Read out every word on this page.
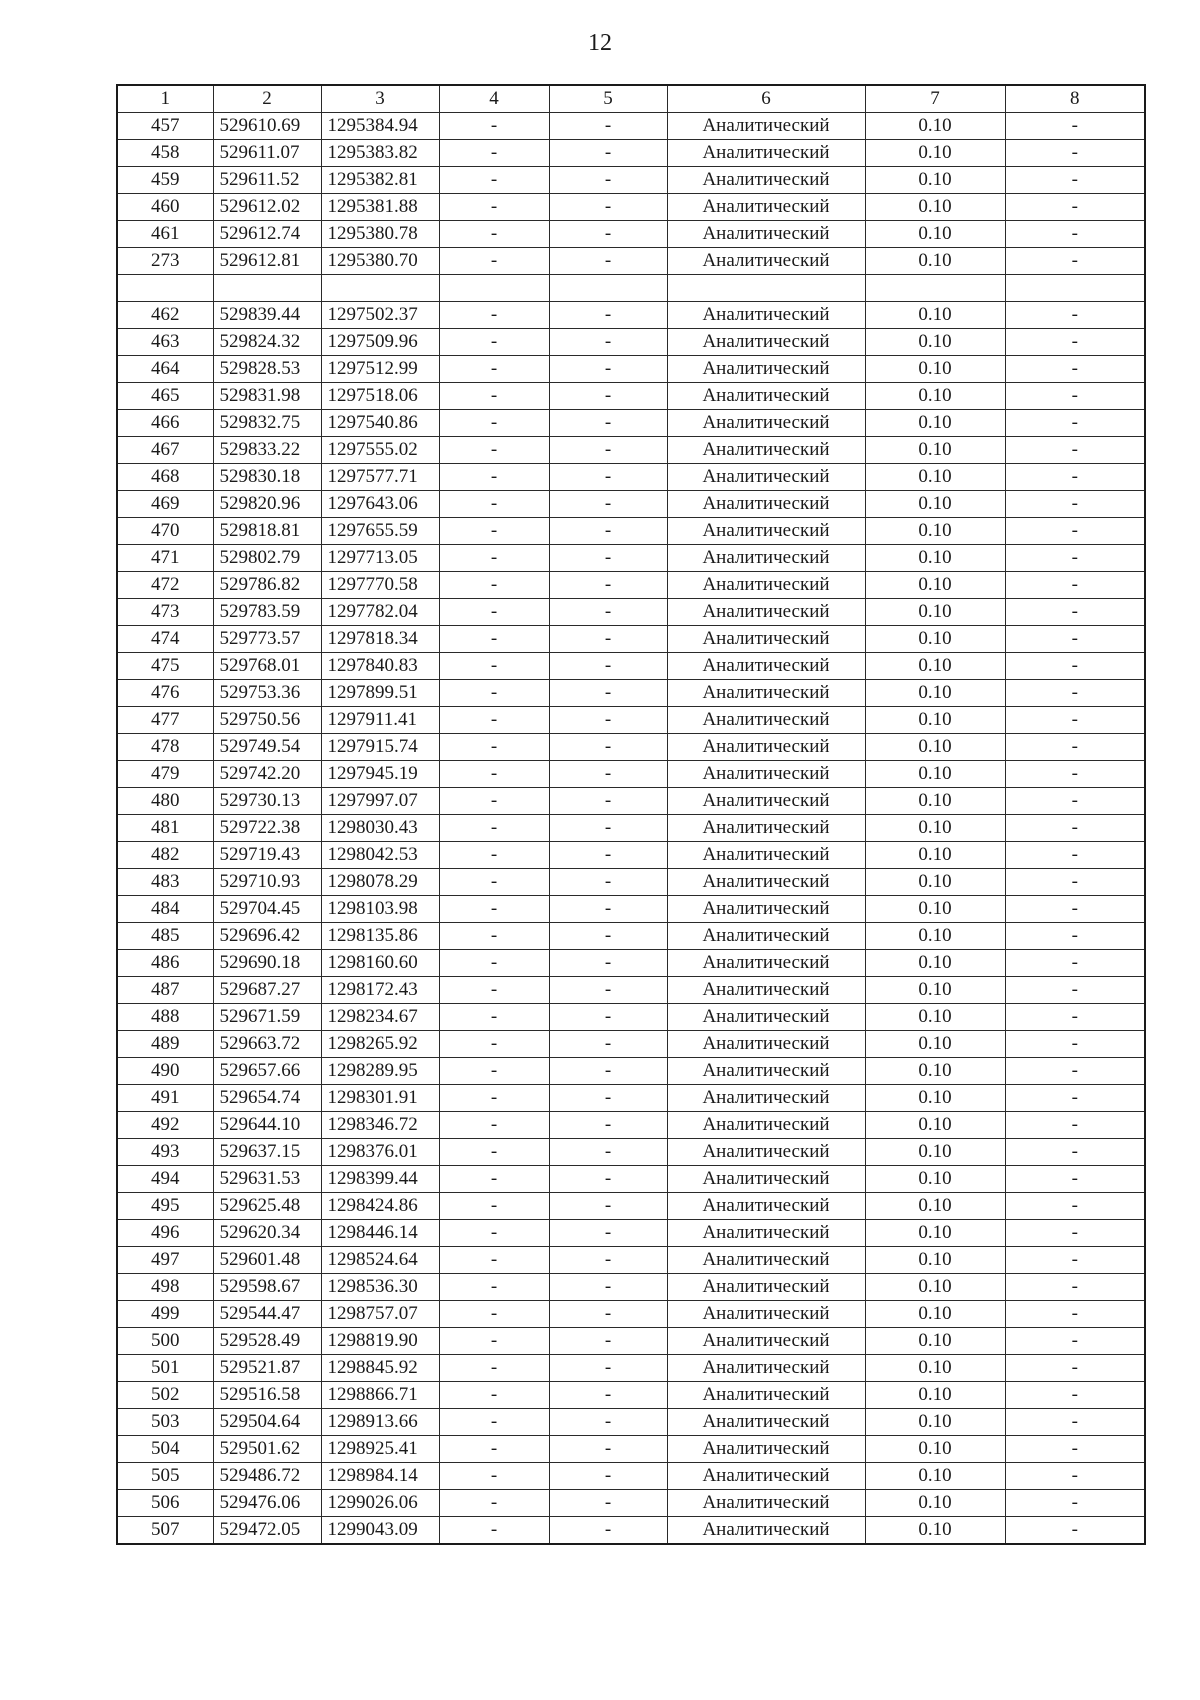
12
1	2	3	4	5	6	7	8
457	529610.69	1295384.94	-	-	Аналитический	0.10	-
458	529611.07	1295383.82	-	-	Аналитический	0.10	-
459	529611.52	1295382.81	-	-	Аналитический	0.10	-
460	529612.02	1295381.88	-	-	Аналитический	0.10	-
461	529612.74	1295380.78	-	-	Аналитический	0.10	-
273	529612.81	1295380.70	-	-	Аналитический	0.10	-

462	529839.44	1297502.37	-	-	Аналитический	0.10	-
463	529824.32	1297509.96	-	-	Аналитический	0.10	-
464	529828.53	1297512.99	-	-	Аналитический	0.10	-
465	529831.98	1297518.06	-	-	Аналитический	0.10	-
466	529832.75	1297540.86	-	-	Аналитический	0.10	-
467	529833.22	1297555.02	-	-	Аналитический	0.10	-
468	529830.18	1297577.71	-	-	Аналитический	0.10	-
469	529820.96	1297643.06	-	-	Аналитический	0.10	-
470	529818.81	1297655.59	-	-	Аналитический	0.10	-
471	529802.79	1297713.05	-	-	Аналитический	0.10	-
472	529786.82	1297770.58	-	-	Аналитический	0.10	-
473	529783.59	1297782.04	-	-	Аналитический	0.10	-
474	529773.57	1297818.34	-	-	Аналитический	0.10	-
475	529768.01	1297840.83	-	-	Аналитический	0.10	-
476	529753.36	1297899.51	-	-	Аналитический	0.10	-
477	529750.56	1297911.41	-	-	Аналитический	0.10	-
478	529749.54	1297915.74	-	-	Аналитический	0.10	-
479	529742.20	1297945.19	-	-	Аналитический	0.10	-
480	529730.13	1297997.07	-	-	Аналитический	0.10	-
481	529722.38	1298030.43	-	-	Аналитический	0.10	-
482	529719.43	1298042.53	-	-	Аналитический	0.10	-
483	529710.93	1298078.29	-	-	Аналитический	0.10	-
484	529704.45	1298103.98	-	-	Аналитический	0.10	-
485	529696.42	1298135.86	-	-	Аналитический	0.10	-
486	529690.18	1298160.60	-	-	Аналитический	0.10	-
487	529687.27	1298172.43	-	-	Аналитический	0.10	-
488	529671.59	1298234.67	-	-	Аналитический	0.10	-
489	529663.72	1298265.92	-	-	Аналитический	0.10	-
490	529657.66	1298289.95	-	-	Аналитический	0.10	-
491	529654.74	1298301.91	-	-	Аналитический	0.10	-
492	529644.10	1298346.72	-	-	Аналитический	0.10	-
493	529637.15	1298376.01	-	-	Аналитический	0.10	-
494	529631.53	1298399.44	-	-	Аналитический	0.10	-
495	529625.48	1298424.86	-	-	Аналитический	0.10	-
496	529620.34	1298446.14	-	-	Аналитический	0.10	-
497	529601.48	1298524.64	-	-	Аналитический	0.10	-
498	529598.67	1298536.30	-	-	Аналитический	0.10	-
499	529544.47	1298757.07	-	-	Аналитический	0.10	-
500	529528.49	1298819.90	-	-	Аналитический	0.10	-
501	529521.87	1298845.92	-	-	Аналитический	0.10	-
502	529516.58	1298866.71	-	-	Аналитический	0.10	-
503	529504.64	1298913.66	-	-	Аналитический	0.10	-
504	529501.62	1298925.41	-	-	Аналитический	0.10	-
505	529486.72	1298984.14	-	-	Аналитический	0.10	-
506	529476.06	1299026.06	-	-	Аналитический	0.10	-
507	529472.05	1299043.09	-	-	Аналитический	0.10	-
